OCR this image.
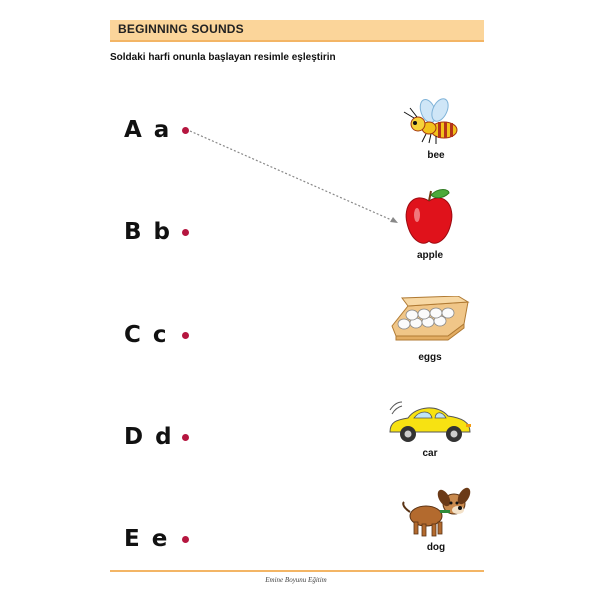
BEGINNING SOUNDS
Soldaki harfi onunla başlayan resimle eşleştirin
A a
B b
C c
D d
E e
bee
apple
eggs
car
dog
Emine Boyunu Eğitim
